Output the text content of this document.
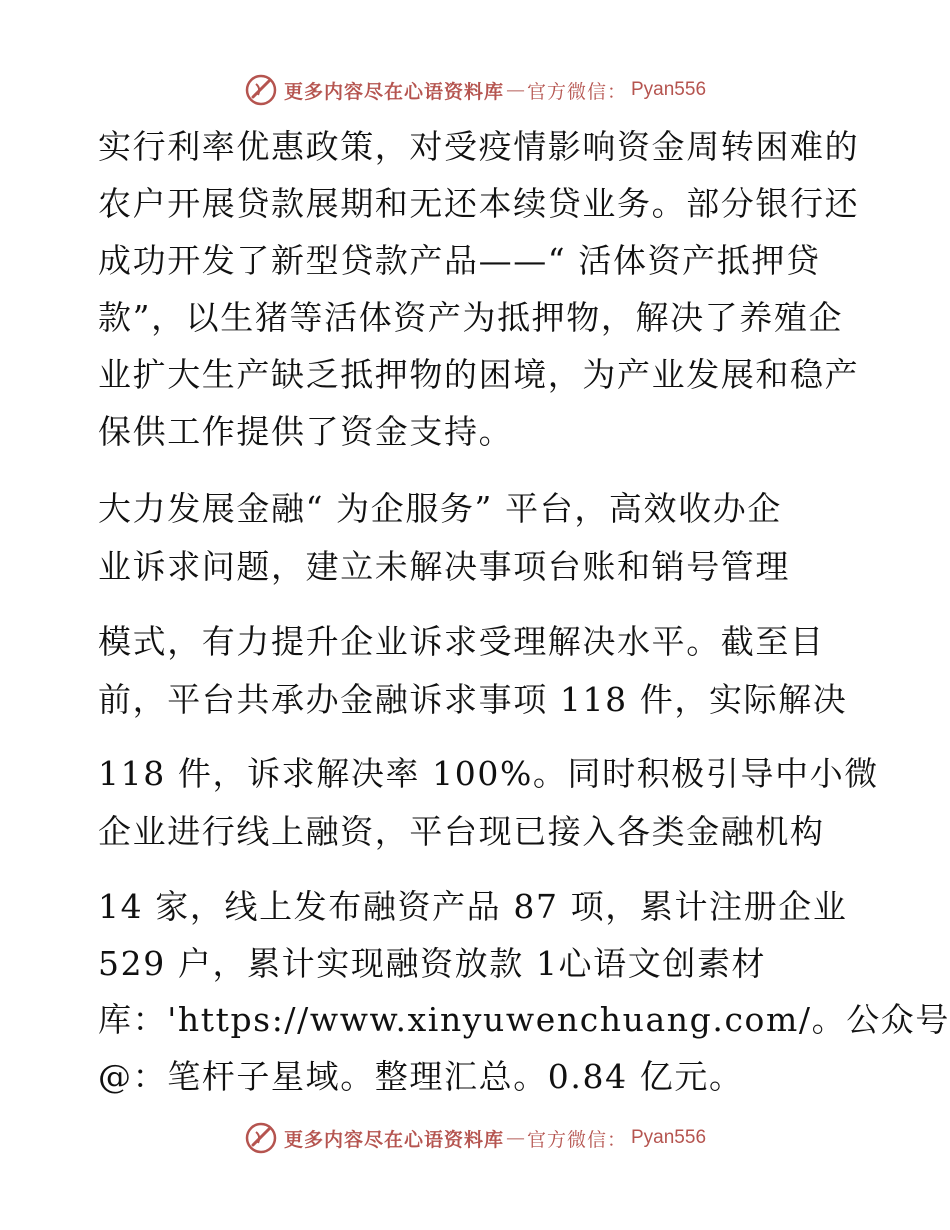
更多内容尽在心语资料库 — 官方微信： Pyan556
实行利率优惠政策，对受疫情影响资金周转困难的
农户开展贷款展期和无还本续贷业务。部分银行还
成功开发了新型贷款产品——“ 活体资产抵押贷
款”，以生猪等活体资产为抵押物，解决了养殖企
业扩大生产缺乏抵押物的困境，为产业发展和稳产
保供工作提供了资金支持。
大力发展金融“ 为企服务” 平台，高效收办企
业诉求问题，建立未解决事项台账和销号管理
模式，有力提升企业诉求受理解决水平。截至目
前，平台共承办金融诉求事项 118 件，实际解决
118 件，诉求解决率 100%。同时积极引导中小微
企业进行线上融资，平台现已接入各类金融机构
14 家，线上发布融资产品 87 项，累计注册企业
529 户，累计实现融资放款 1心语文创素材
库：'https://www.xinyuwenchuang.com/。公众号
@：笔杆子星域。整理汇总。0.84 亿元。
更多内容尽在心语资料库 — 官方微信： Pyan556
